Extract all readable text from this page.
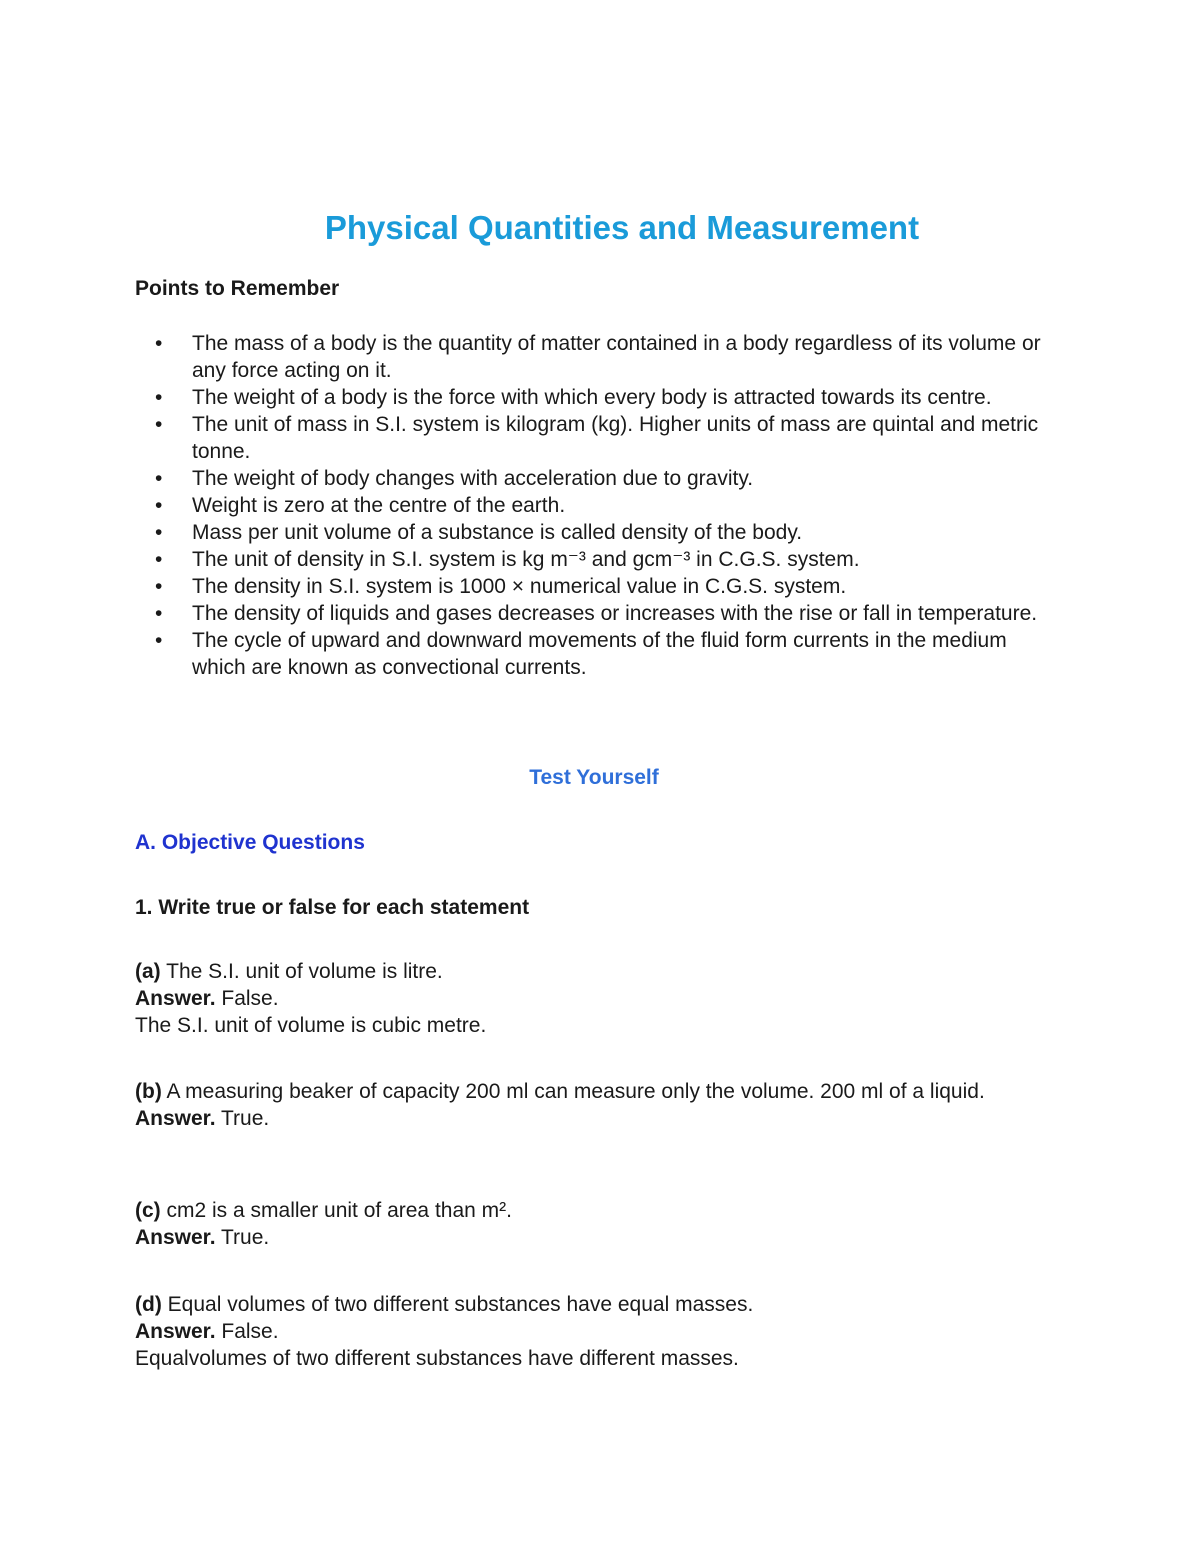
Physical Quantities and Measurement

Points to Remember

• The mass of a body is the quantity of matter contained in a body regardless of its volume or any force acting on it.
• The weight of a body is the force with which every body is attracted towards its centre.
• The unit of mass in S.I. system is kilogram (kg). Higher units of mass are quintal and metric tonne.
• The weight of body changes with acceleration due to gravity.
• Weight is zero at the centre of the earth.
• Mass per unit volume of a substance is called density of the body.
• The unit of density in S.I. system is kg m⁻³ and gcm⁻³ in C.G.S. system.
• The density in S.I. system is 1000 × numerical value in C.G.S. system.
• The density of liquids and gases decreases or increases with the rise or fall in temperature.
• The cycle of upward and downward movements of the fluid form currents in the medium which are known as convectional currents.

Test Yourself

A. Objective Questions

1. Write true or false for each statement

(a) The S.I. unit of volume is litre.

Answer. False.

The S.I. unit of volume is cubic metre.

(b) A measuring beaker of capacity 200 ml can measure only the volume. 200 ml of a liquid.

Answer. True.

(c) cm2 is a smaller unit of area than m².

Answer. True.

(d) Equal volumes of two different substances have equal masses.

Answer. False.

Equalvolumes of two different substances have different masses.
